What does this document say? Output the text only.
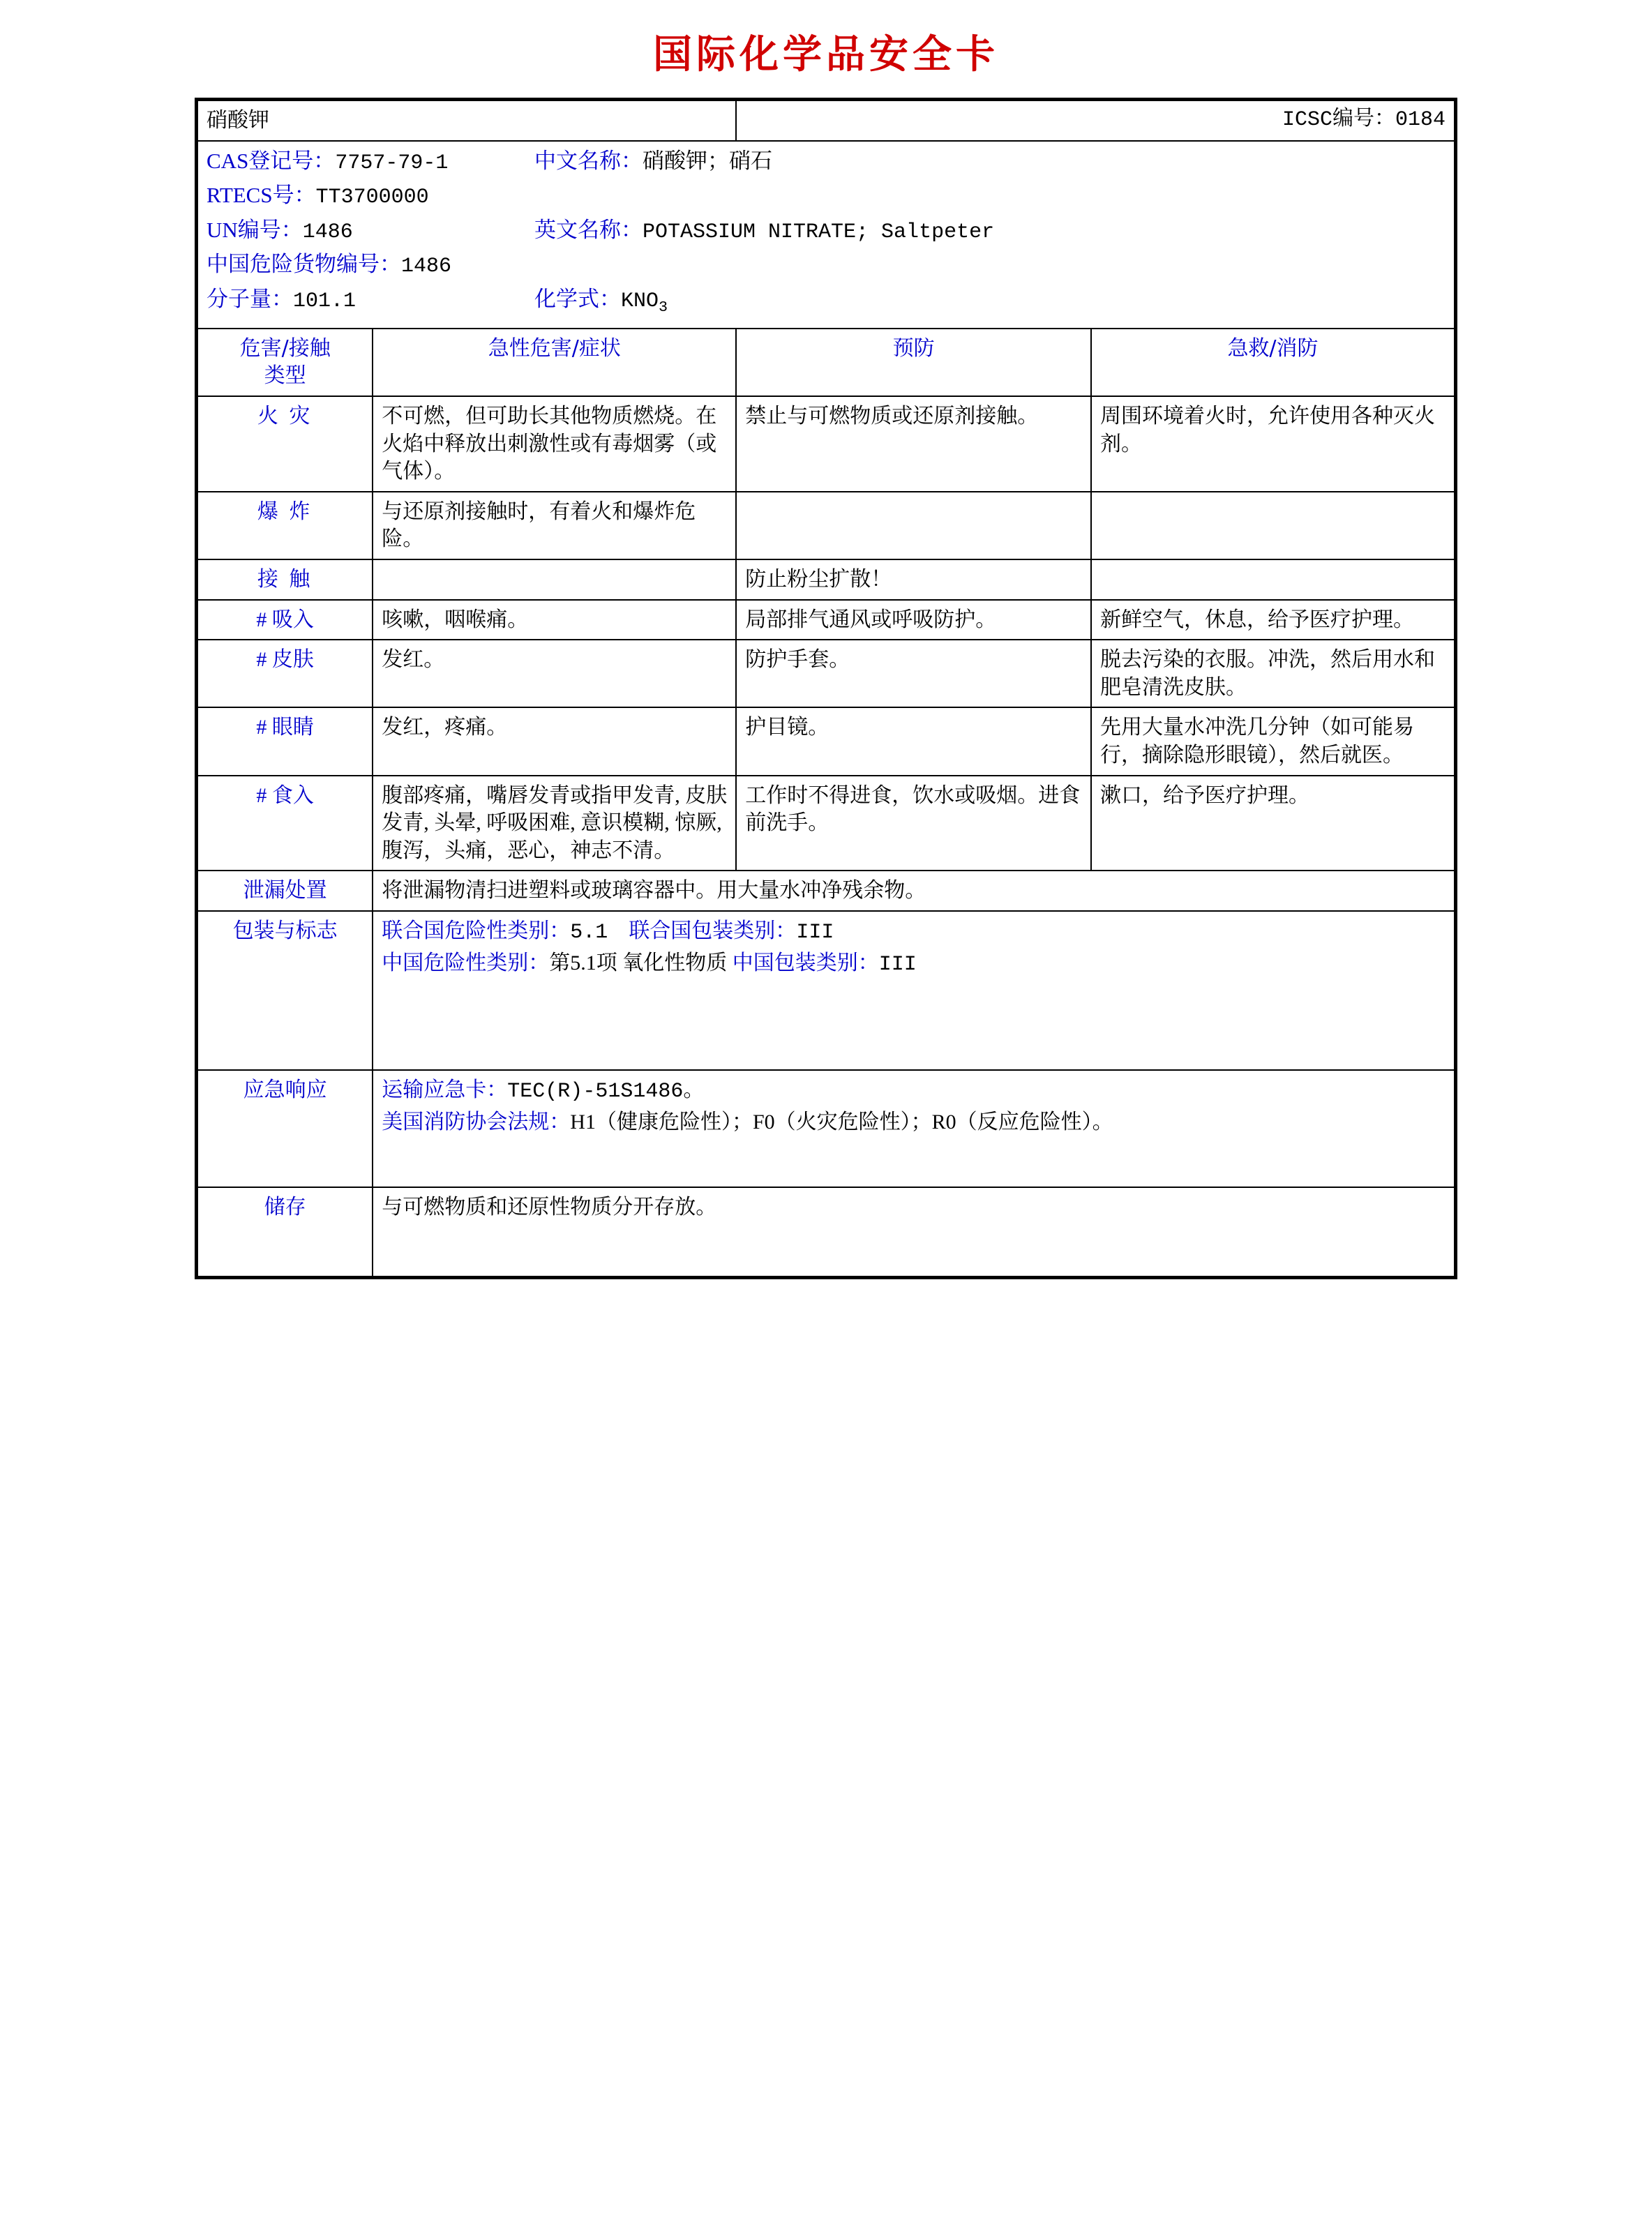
国际化学品安全卡
硝酸钾		ICSC编号：0184	

CAS登记号：7757-79-1	中文名称：硝酸钾；硝石
RTECS号：TT3700000

UN编号：1486	英文名称：POTASSIUM NITRATE; Saltpeter
中国危险货物编号：1486

分子量：101.1	化学式：$KNO_3$

危害/接触
类型	急性危害/症状	预防	急救/消防
火 灾	不可燃，但可助长其他物质燃烧。在火焰中释放出刺激性或有毒烟雾（或气体）。	禁止与可燃物质或还原剂接触。	周围环境着火时，允许使用各种灭火剂。
爆 炸	与还原剂接触时，有着火和爆炸危险。		
接 触		防止粉尘扩散！	
# 吸入	咳嗽，咽喉痛。	局部排气通风或呼吸防护。	新鲜空气，休息，给予医疗护理。
# 皮肤	发红。	防护手套。	脱去污染的衣服。冲洗，然后用水和肥皂清洗皮肤。
# 眼睛	发红，疼痛。	护目镜。	先用大量水冲洗几分钟（如可能易行，摘除隐形眼镜），然后就医。
# 食入	腹部疼痛，嘴唇发青或指甲发青, 皮肤发青, 头晕, 呼吸困难, 意识模糊, 惊厥, 腹泻，头痛，恶心，神志不清。	工作时不得进食，饮水或吸烟。进食前洗手。	漱口，给予医疗护理。
泄漏处置	将泄漏物清扫进塑料或玻璃容器中。用大量水冲净残余物。		
包装与标志	联合国危险性类别：5.1 联合国包装类别：III
中国危险性类别：第5.1项 氧化性物质 中国包装类别：III		

应急响应	运输应急卡：TEC(R)-51S1486。
美国消防协会法规：H1（健康危险性）；F0（火灾危险性）；R0（反应危险性）。		

储存	与可燃物质和还原性物质分开存放。		
